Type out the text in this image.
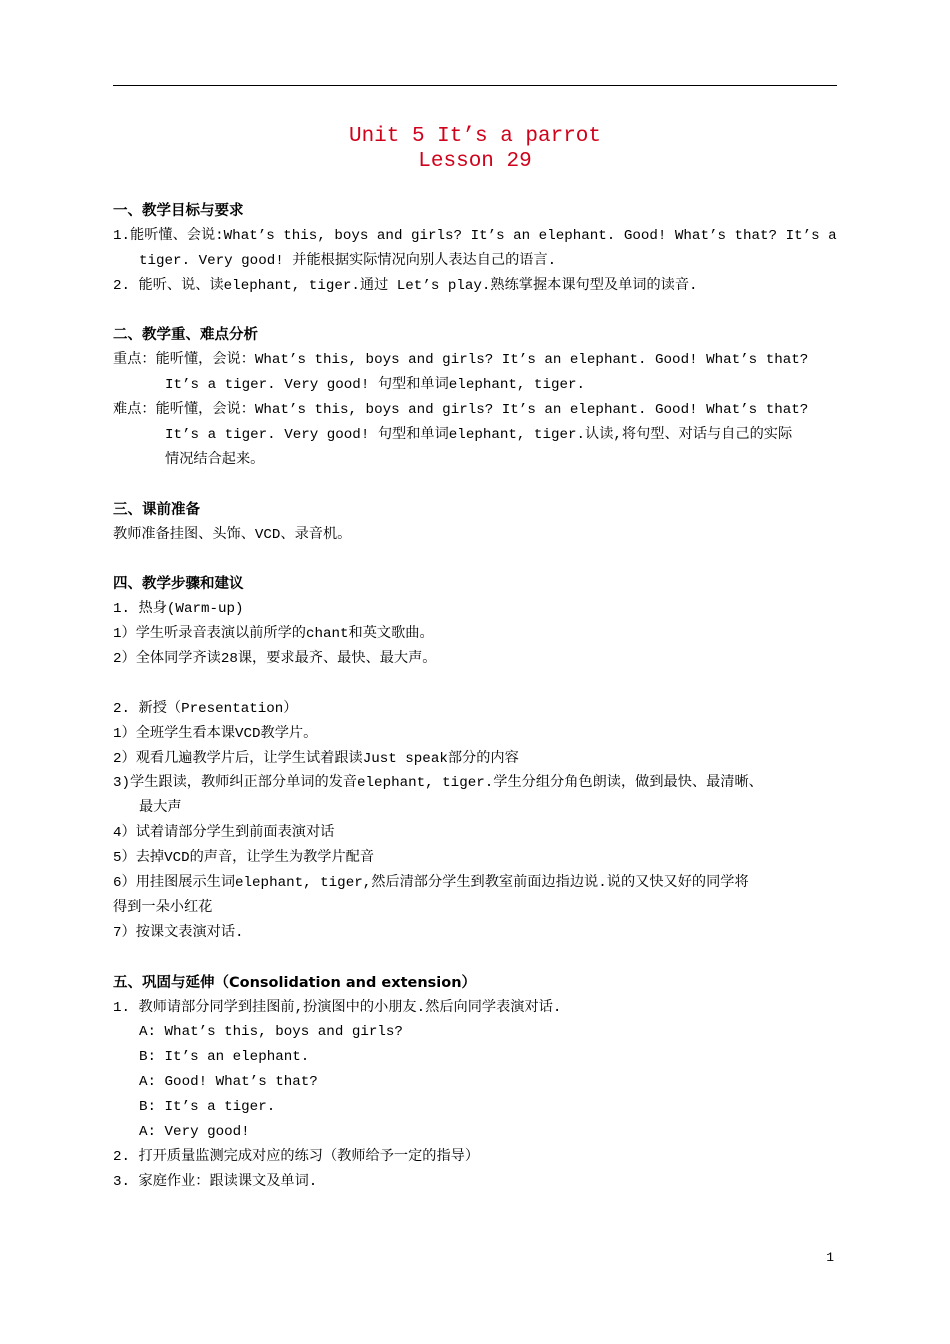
Unit 5 It’s a parrot
Lesson 29
一、教学目标与要求
1.能听懂、会说:What’s this, boys and girls? It’s an elephant. Good! What’s that? It’s a
tiger. Very good! 并能根据实际情况向别人表达自己的语言.
2. 能听、说、读elephant, tiger.通过 Let’s play.熟练掌握本课句型及单词的读音.
二、教学重、难点分析
重点：能听懂，会说：What’s this, boys and girls? It’s an elephant. Good! What’s that?
It’s a tiger. Very good! 句型和单词elephant, tiger.
难点：能听懂，会说：What’s this, boys and girls? It’s an elephant. Good! What’s that?
It’s a tiger. Very good! 句型和单词elephant, tiger.认读,将句型、对话与自己的实际
情况结合起来。
三、课前准备
教师准备挂图、头饰、VCD、录音机。
四、教学步骤和建议
1. 热身(Warm-up)
1）学生听录音表演以前所学的chant和英文歌曲。
2）全体同学齐读28课，要求最齐、最快、最大声。
2. 新授（Presentation）
1）全班学生看本课VCD教学片。
2）观看几遍教学片后，让学生试着跟读Just speak部分的内容
3)学生跟读，教师纠正部分单词的发音elephant, tiger.学生分组分角色朗读，做到最快、最清晰、
最大声
4）试着请部分学生到前面表演对话
5）去掉VCD的声音，让学生为教学片配音
6）用挂图展示生词elephant, tiger,然后清部分学生到教室前面边指边说.说的又快又好的同学将
得到一朵小红花
7）按课文表演对话.
五、巩固与延伸（Consolidation and extension）
1. 教师请部分同学到挂图前,扮演图中的小朋友.然后向同学表演对话.
A: What’s this, boys and girls?
B: It’s an elephant.
A: Good! What’s that?
B: It’s a tiger.
A: Very good!
2. 打开质量监测完成对应的练习（教师给予一定的指导）
3. 家庭作业：跟读课文及单词.
1
